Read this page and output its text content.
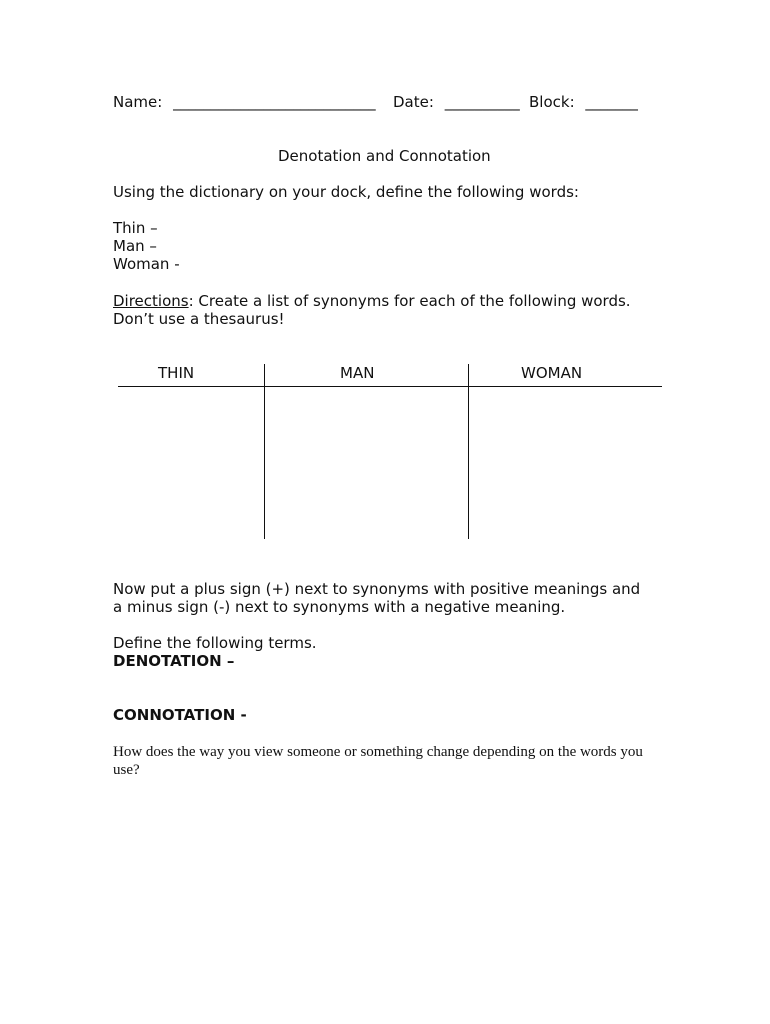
Name: ___________________________ Date: __________ Block: _______
Denotation and Connotation
Using the dictionary on your dock, define the following words:
Thin –
Man –
Woman -
Directions: Create a list of synonyms for each of the following words.
Don’t use a thesaurus!
THIN	MAN	WOMAN
Now put a plus sign (+) next to synonyms with positive meanings and
a minus sign (-) next to synonyms with a negative meaning.
Define the following terms.
DENOTATION –
CONNOTATION -
How does the way you view someone or something change depending on the words you
use?
